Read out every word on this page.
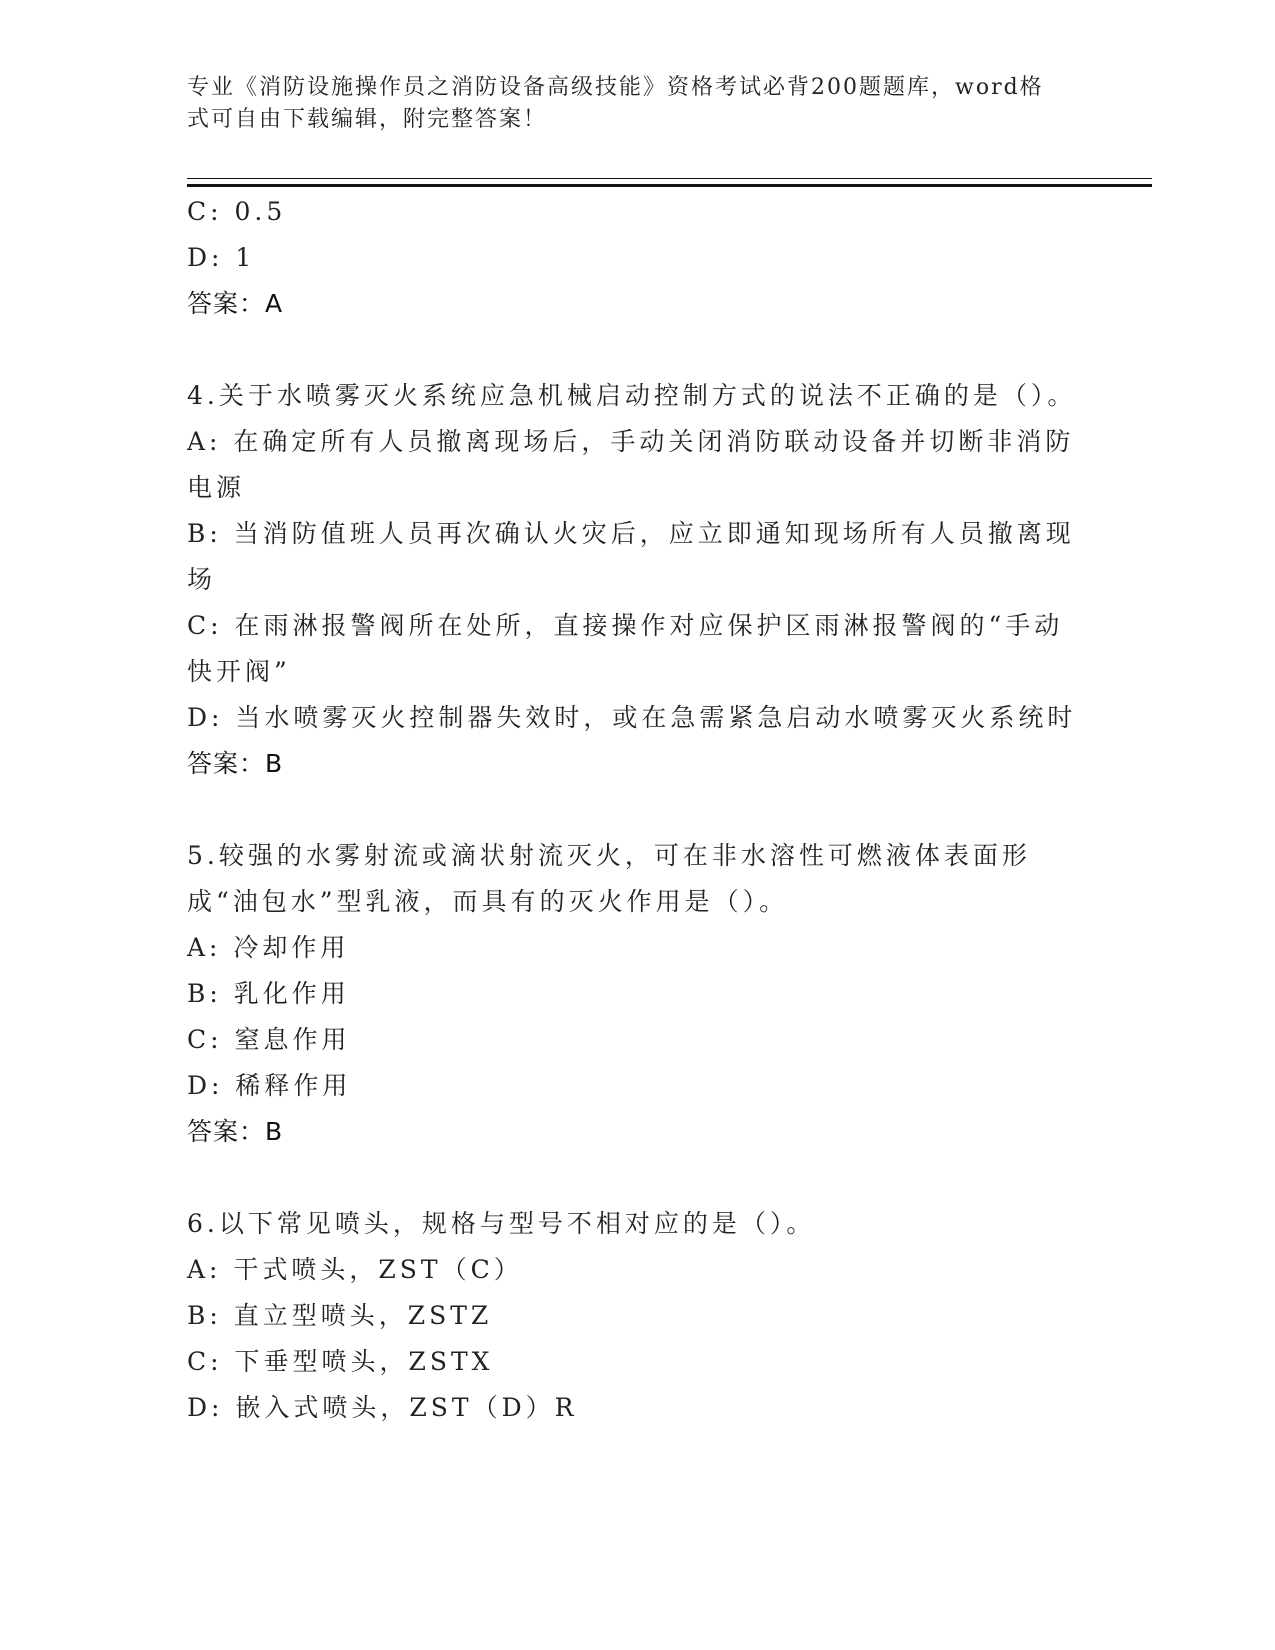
专业《消防设施操作员之消防设备高级技能》资格考试必背200题题库，word格式可自由下载编辑，附完整答案！

C: 0.5

D: 1

答案：A

4.关于水喷雾灭火系统应急机械启动控制方式的说法不正确的是（）。

A: 在确定所有人员撤离现场后，手动关闭消防联动设备并切断非消防电源

B: 当消防值班人员再次确认火灾后，应立即通知现场所有人员撤离现场

C: 在雨淋报警阀所在处所，直接操作对应保护区雨淋报警阀的“手动快开阀”

D: 当水喷雾灭火控制器失效时，或在急需紧急启动水喷雾灭火系统时

答案：B

5.较强的水雾射流或滴状射流灭火，可在非水溶性可燃液体表面形成“油包水”型乳液，而具有的灭火作用是（）。

A: 冷却作用

B: 乳化作用

C: 窒息作用

D: 稀释作用

答案：B

6.以下常见喷头，规格与型号不相对应的是（）。

A: 干式喷头，ZST（C）

B: 直立型喷头，ZSTZ

C: 下垂型喷头，ZSTX

D: 嵌入式喷头，ZST（D）R
